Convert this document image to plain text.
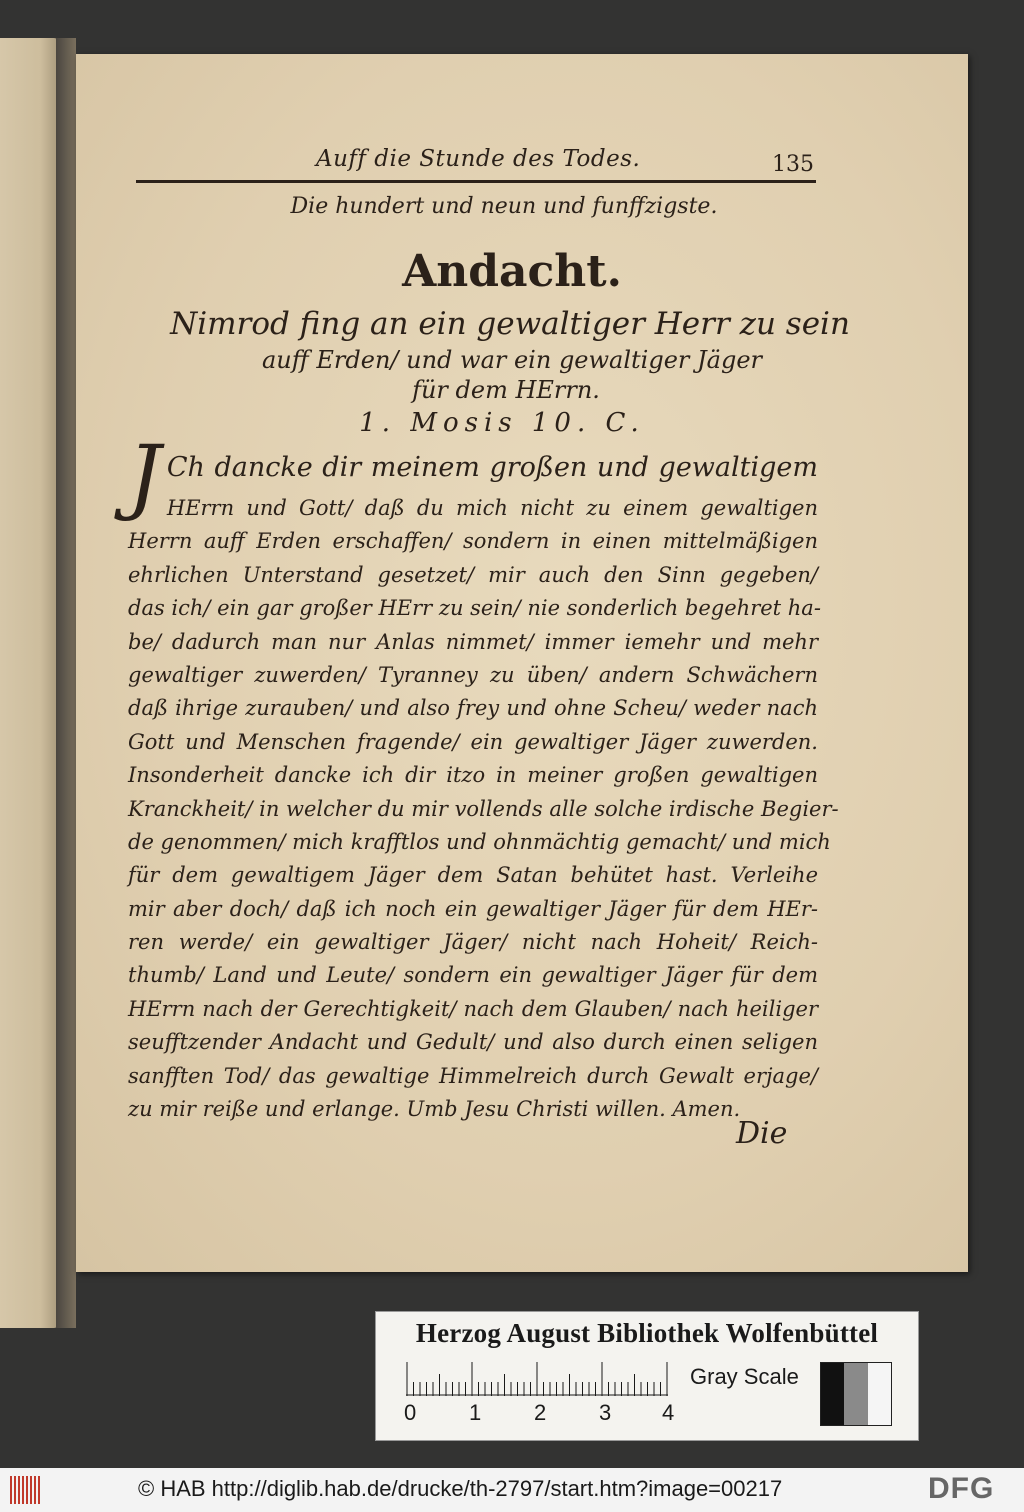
Auff die Stunde des Todes.	135
Die hundert und neun und funffzigste.
Andacht.
Nimrod fing an ein gewaltiger Herr zu sein
auff Erden/ und war ein gewaltiger Jäger
für dem HErrn.
1. Mosis 10. C.
J Ch dancke dir meinem großen und gewaltigem
HErrn und Gott/ daß du mich nicht zu einem gewaltigen
Herrn auff Erden erschaffen/ sondern in einen mittelmäßigen
ehrlichen Unterstand gesetzet/ mir auch den Sinn gegeben/
das ich/ ein gar großer HErr zu sein/ nie sonderlich begehret ha-
be/ dadurch man nur Anlas nimmet/ immer iemehr und mehr
gewaltiger zuwerden/ Tyranney zu üben/ andern Schwächern
daß ihrige zurauben/ und also frey und ohne Scheu/ weder nach
Gott und Menschen fragende/ ein gewaltiger Jäger zuwerden.
Insonderheit dancke ich dir itzo in meiner großen gewaltigen
Kranckheit/ in welcher du mir vollends alle solche irdische Begier-
de genommen/ mich krafftlos und ohnmächtig gemacht/ und mich
für dem gewaltigem Jäger dem Satan behütet hast. Verleihe
mir aber doch/ daß ich noch ein gewaltiger Jäger für dem HEr-
ren werde/ ein gewaltiger Jäger/ nicht nach Hoheit/ Reich-
thumb/ Land und Leute/ sondern ein gewaltiger Jäger für dem
HErrn nach der Gerechtigkeit/ nach dem Glauben/ nach heiliger
seufftzender Andacht und Gedult/ und also durch einen seligen
sanfften Tod/ das gewaltige Himmelreich durch Gewalt erjage/
zu mir reiße und erlange. Umb Jesu Christi willen. Amen.
Die
Herzog August Bibliothek Wolfenbüttel
0 1 2 3 4
Gray Scale
© HAB http://diglib.hab.de/drucke/th-2797/start.htm?image=00217	DFG
